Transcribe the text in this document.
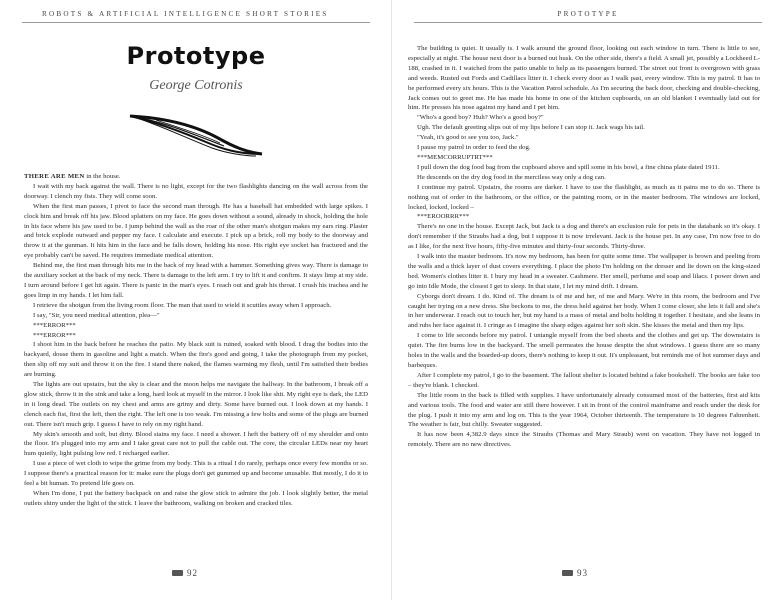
ROBOTS & ARTIFICIAL INTELLIGENCE SHORT STORIES
Prototype
George Cotronis

THERE ARE MEN in the house.

I wait with my back against the wall. There is no light, except for the two flashlights dancing on the wall across from the doorway. I clench my fists. They will come soon.

When the first man passes, I pivot to face the second man through. He has a baseball hat embedded with large spikes. I clock him and break off his jaw. Blood splatters on my face. He goes down without a sound, already in shock, holding the hole in his face where his jaw used to be. I jump behind the wall as the roar of the other man's shotgun makes my ears ring. Plaster and brick explode outward and pepper my face. I calculate and execute. I pick up a brick, roll my body to the doorway and throw it at the gunman. It hits him in the face and he falls down, holding his nose. His right eye socket has fractured and the eye probably can't be saved. He requires immediate medical attention.

Behind me, the first man through hits me in the back of my head with a hammer. Something gives way. There is damage to the auxiliary socket at the back of my neck. There is damage to the left arm. I try to lift it and confirm. It stays limp at my side. I turn around before I get hit again. There is panic in the man's eyes. I reach out and grab his throat. I crush his trachea and he goes limp in my hands. I let him fall.

I retrieve the shotgun from the living room floor. The man that used to wield it scuttles away when I approach.

I say, "Sir, you need medical attention, plea—"

***ERROR***

***ERROR***

I shoot him in the back before he reaches the patio. My black suit is ruined, soaked with blood. I drag the bodies into the backyard, douse them in gasoline and light a match. When the fire's good and going, I take the photograph from my pocket, then slip off my suit and throw it on the fire. I stand there naked, the flames warming my flesh, until I'm satisfied their bodies are burning.

The lights are out upstairs, but the sky is clear and the moon helps me navigate the hallway. In the bathroom, I break off a glow stick, throw it in the sink and take a long, hard look at myself in the mirror. I look like shit. My right eye is dark, the LED in it long dead. The outlets on my chest and arms are grimy and dirty. Some have burned out. I look down at my hands. I clench each fist, first the left, then the right. The left one is too weak. I'm missing a few bolts and some of the plugs are burned out. There isn't much grip. I guess I have to rely on my right hand.

My skin's smooth and soft, but dirty. Blood stains my face. I need a shower. I heft the battery off of my shoulder and onto the floor. It's plugged into my arm and I take great care not to pull the cable out. The core, the circular LEDs near my heart hum quietly, light pulsing low red. I recharged earlier.

I use a piece of wet cloth to wipe the grime from my body. This is a ritual I do rarely, perhaps once every few months or so. I suppose there's a practical reason for it: make sure the plugs don't get gummed up and become unusable. But mostly, I do it to feel a bit human. To pretend life goes on.

When I'm done, I put the battery backpack on and raise the glow stick to admire the job. I look slightly better, the metal outlets shiny under the light of the stick. I leave the bathroom, walking on broken and cracked tiles.

92
PROTOTYPE

The building is quiet. It usually is. I walk around the ground floor, looking out each window in turn. There is little to see, especially at night. The house next door is a burned out husk. On the other side, there's a field. A small jet, possibly a Lockheed L-188, crashed in it. I watched from the patio unable to help as its passengers burned. The street out front is overgrown with grass and weeds. Rusted out Fords and Cadillacs litter it. I check every door as I walk past, every window. This is my patrol. It has to be performed every six hours. This is the Vacation Patrol schedule. As I'm securing the back door, checking and double-checking, Jack comes out to greet me. He has made his home in one of the kitchen cupboards, on an old blanket I eventually laid out for him. He presses his nose against my hand and I pet him.

"Who's a good boy? Huh? Who's a good boy?"

Ugh. The default greeting slips out of my lips before I can stop it. Jack wags his tail.

"Yeah, it's good to see you too, Jack."

I pause my patrol in order to feed the dog.

***MEMCORRUPTRT***

I pull down the dog food bag from the cupboard above and spill some in his bowl, a fine china plate dated 1911.

He descends on the dry dog food in the merciless way only a dog can.

I continue my patrol. Upstairs, the rooms are darker. I have to use the flashlight, as much as it pains me to do so. There is nothing out of order in the bathroom, or the office, or the painting room, or in the master bedroom. The windows are locked, locked, locked, locked –

***EROORRR***

There's no one in the house. Except Jack, but Jack is a dog and there's an exclusion rule for pets in the databank so it's okay. I don't remember if the Straubs had a dog, but I suppose it is now irrelevant. Jack is the house pet. In any case, I'm now free to do as I like, for the next five hours, fifty-five minutes and thirty-four seconds. Thirty-three.

I walk into the master bedroom. It's now my bedroom, has been for quite some time. The wallpaper is brown and peeling from the walls and a thick layer of dust covers everything. I place the photo I'm holding on the dresser and lie down on the king-sized bed. Women's clothes litter it. I bury my head in a sweater. Cashmere. Her smell, perfume and soap and lilacs. I power down and go into Idle Mode, the closest I get to sleep. In that state, I let my mind drift. I dream.

Cyborgs don't dream. I do. Kind of. The dream is of me and her, of me and Mary. We're in this room, the bedroom and I've caught her trying on a new dress. She beckons to me, the dress held against her body. When I come closer, she lets it fall and she's in her underwear. I reach out to touch her, but my hand is a mass of metal and bolts holding it together. I hesitate, and she leans in and rubs her face against it. I cringe as I imagine the sharp edges against her soft skin. She kisses the metal and then my lips.

I come to life seconds before my patrol. I untangle myself from the bed sheets and the clothes and get up. The downstairs is quiet. The fire burns low in the backyard. The smell permeates the house despite the shut windows. I guess there are so many holes in the walls and the boarded-up doors, there's nothing to keep it out. It's unpleasant, but reminds me of hot summer days and barbeques.

After I complete my patrol, I go to the basement. The fallout shelter is located behind a fake bookshelf. The books are fake too – they're blank. I checked.

The little room in the back is filled with supplies. I have unfortunately already consumed most of the batteries, first aid kits and various tools. The food and water are still there however. I sit in front of the control mainframe and reach under the desk for the plug. I push it into my arm and log on. This is the year 1964, October thirteenth. The temperature is 10 degrees Fahrenheit. The weather is fair, but chilly. Sweater suggested.

It has now been 4,382.9 days since the Straubs (Thomas and Mary Straub) went on vacation. They have not logged in remotely. There are no new directives.

93
